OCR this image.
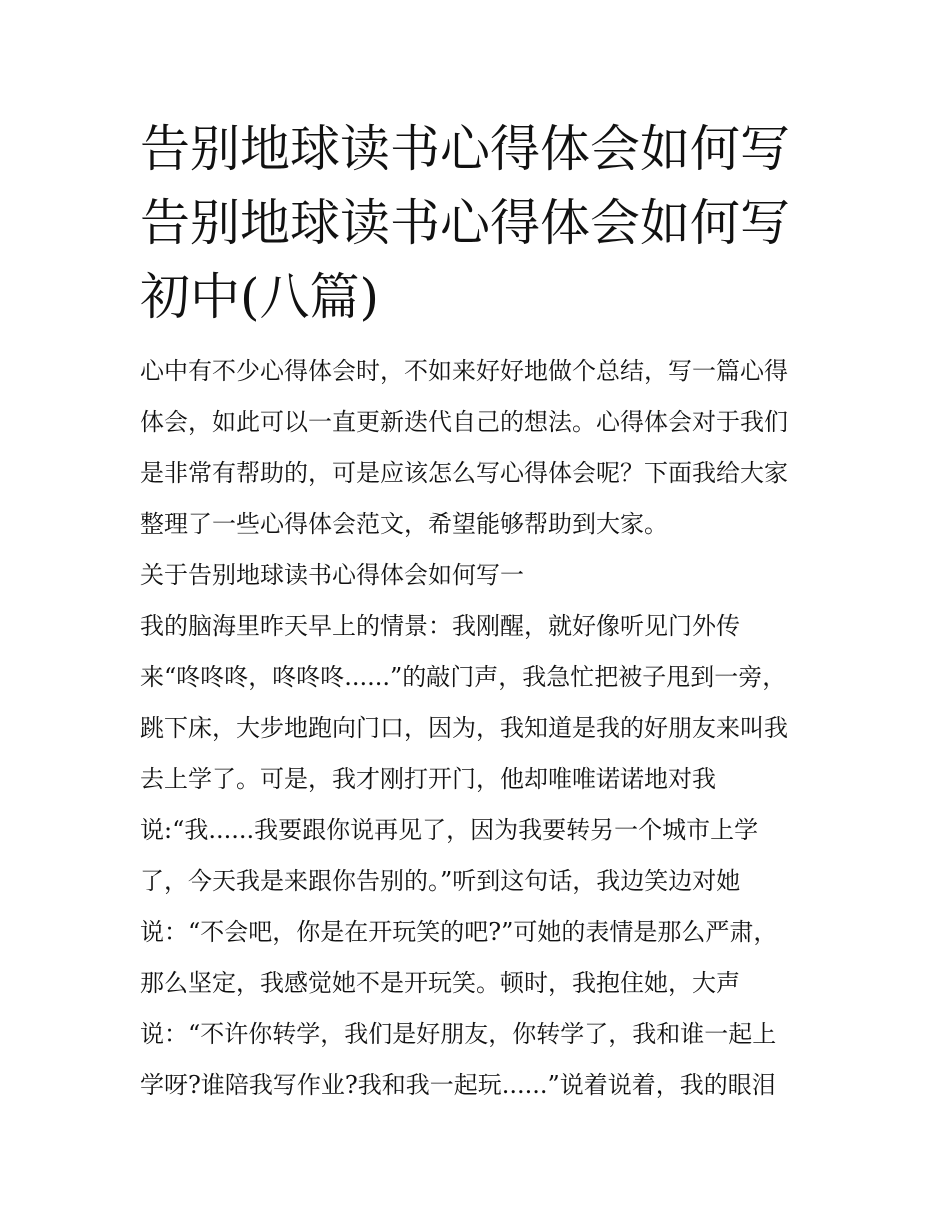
告别地球读书心得体会如何写
告别地球读书心得体会如何写
初中(八篇)
心中有不少心得体会时，不如来好好地做个总结，写一篇心得
体会，如此可以一直更新迭代自己的想法。心得体会对于我们
是非常有帮助的，可是应该怎么写心得体会呢？下面我给大家
整理了一些心得体会范文，希望能够帮助到大家。
关于告别地球读书心得体会如何写一
我的脑海里昨天早上的情景：我刚醒，就好像听见门外传
来“咚咚咚，咚咚咚......”的敲门声，我急忙把被子甩到一旁，
跳下床，大步地跑向门口，因为，我知道是我的好朋友来叫我
去上学了。可是，我才刚打开门，他却唯唯诺诺地对我
说:“我......我要跟你说再见了，因为我要转另一个城市上学
了，今天我是来跟你告别的。”听到这句话，我边笑边对她
说：“不会吧，你是在开玩笑的吧?”可她的表情是那么严肃，
那么坚定，我感觉她不是开玩笑。顿时，我抱住她，大声
说：“不许你转学，我们是好朋友，你转学了，我和谁一起上
学呀?谁陪我写作业?我和我一起玩......”说着说着，我的眼泪
